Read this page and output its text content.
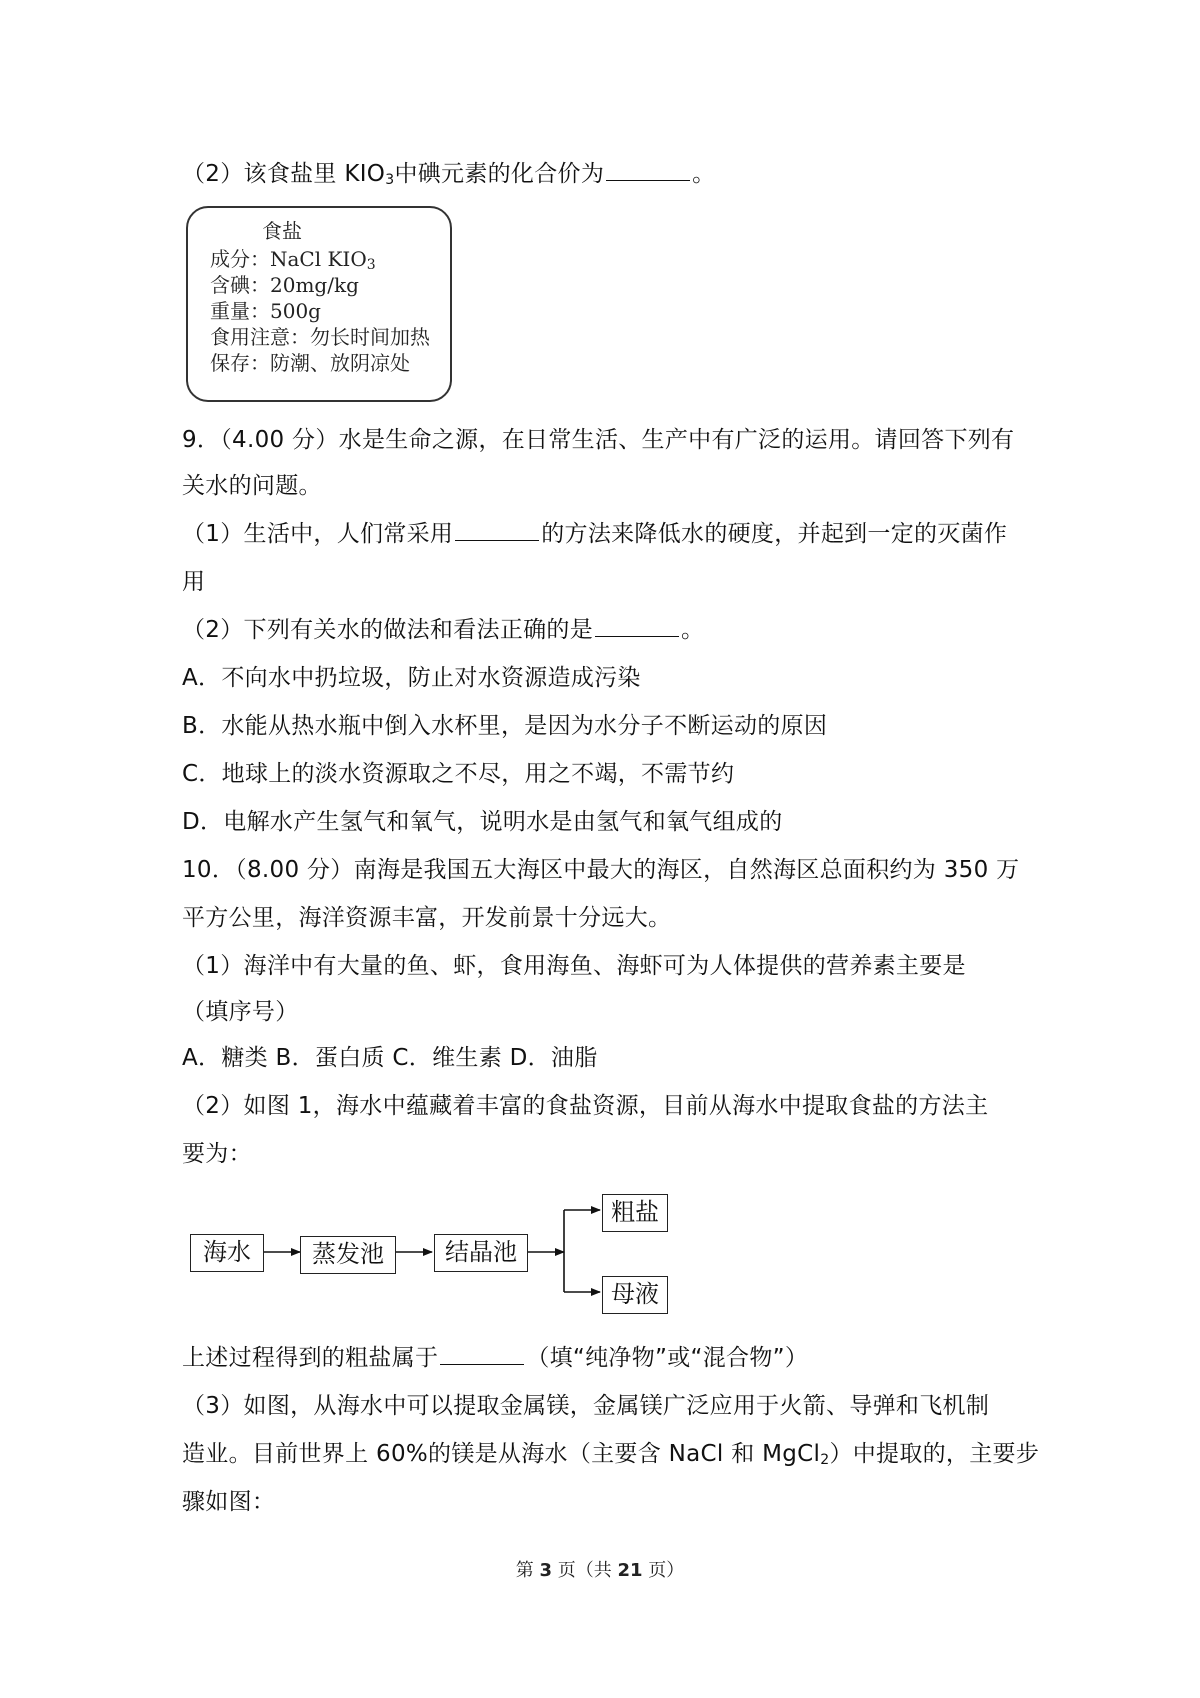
（2）该食盐里 $KIO_3$中碘元素的化合价为	。
食盐
成分：NaCl $KIO_3$
含碘：20mg/kg
重量：500g
食用注意：勿长时间加热
保存：防潮、放阴凉处
9．（4.00 分）水是生命之源，在日常生活、生产中有广泛的运用。请回答下列有
关水的问题。
（1）生活中，人们常采用	的方法来降低水的硬度，并起到一定的灭菌作
用
（2）下列有关水的做法和看法正确的是	。
A．不向水中扔垃圾，防止对水资源造成污染
B．水能从热水瓶中倒入水杯里，是因为水分子不断运动的原因
C．地球上的淡水资源取之不尽，用之不竭，不需节约
D．电解水产生氢气和氧气，说明水是由氢气和氧气组成的
10．（8.00 分）南海是我国五大海区中最大的海区，自然海区总面积约为 350 万
平方公里，海洋资源丰富，开发前景十分远大。
（1）海洋中有大量的鱼、虾，食用海鱼、海虾可为人体提供的营养素主要是
（填序号）
A．糖类 B．蛋白质 C．维生素 D．油脂
（2）如图 1，海水中蕴藏着丰富的食盐资源，目前从海水中提取食盐的方法主
要为：
海水	蒸发池	结晶池
粗盐
母液
上述过程得到的粗盐属于	（填“纯净物”或“混合物”）
（3）如图，从海水中可以提取金属镁，金属镁广泛应用于火箭、导弹和飞机制
造业。目前世界上 60%的镁是从海水（主要含 NaCl 和 MgCl$_2$）中提取的，主要步
骤如图：
第 3 页（共 21 页）
